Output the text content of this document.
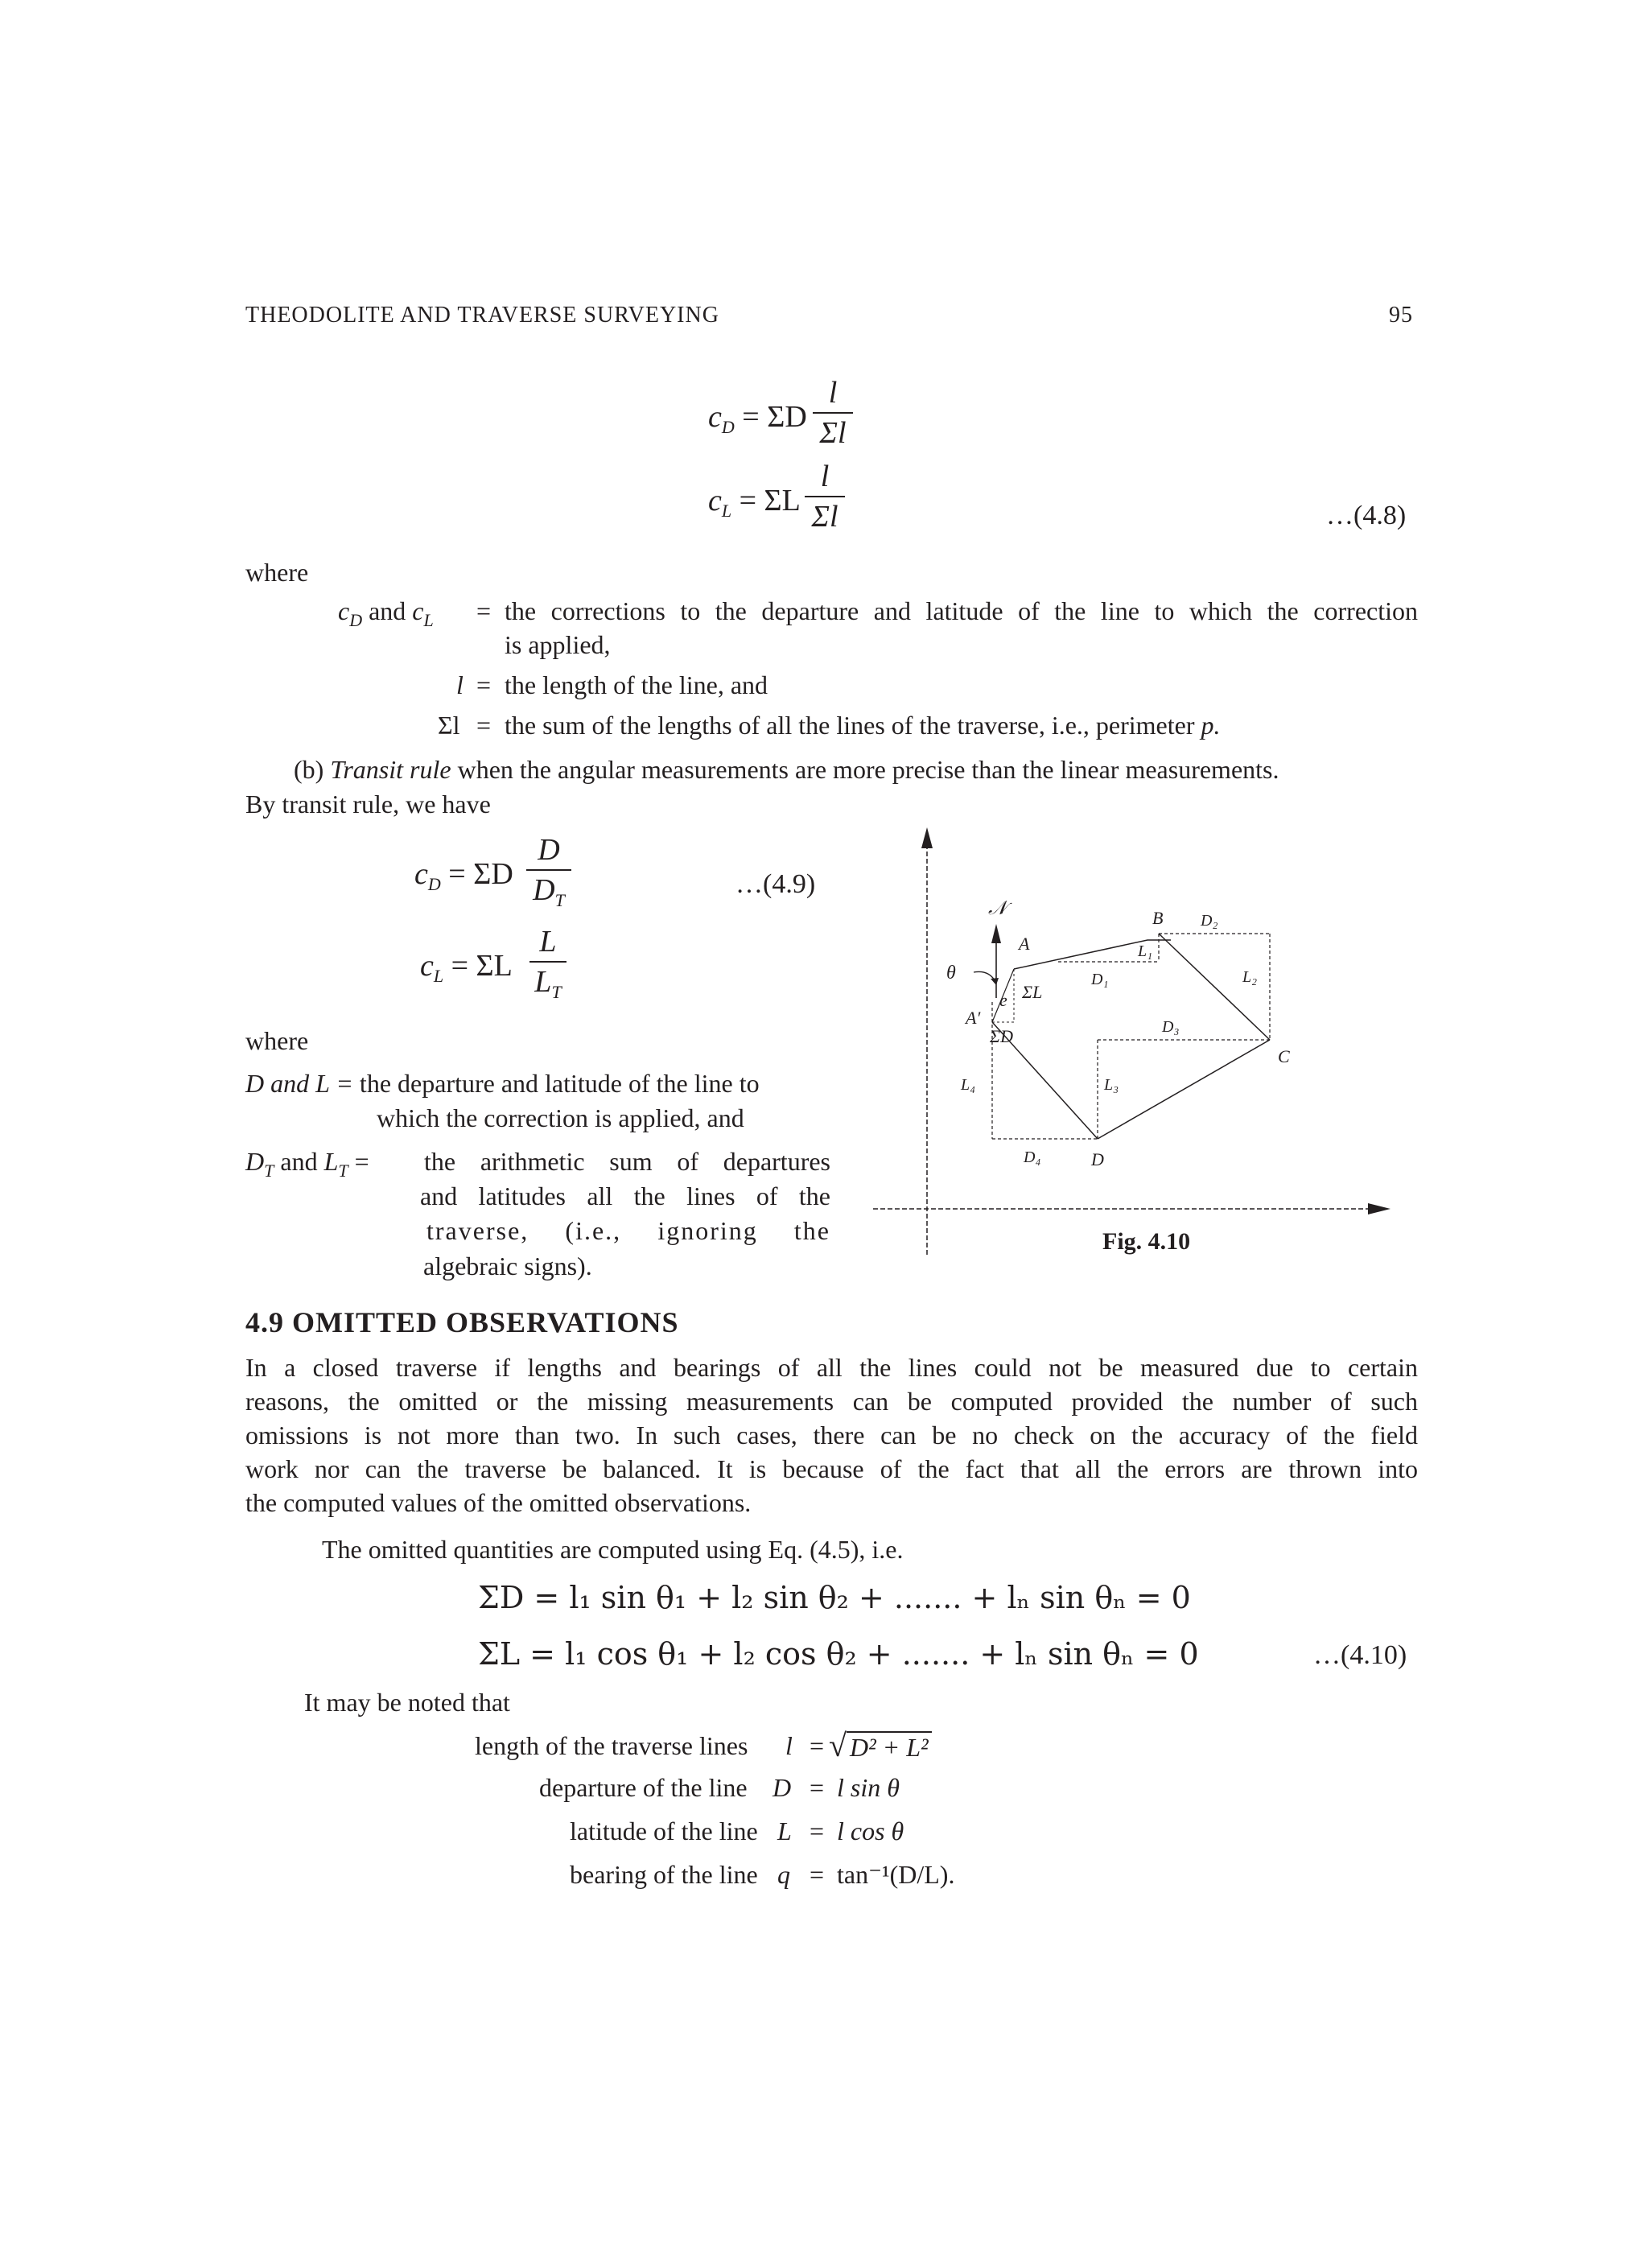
THEODOLITE AND TRAVERSE SURVEYING	95
$c_D = \Sigma D$
l
Σl
$c_L = \Sigma L$
l
Σl	…(4.8)
where
$c_D$ and $c_L$ = the corrections to the departure and latitude of the line to which the correction
is applied,
l = the length of the line, and
Σl = the sum of the lengths of all the lines of the traverse, i.e., perimeter p.
(b) Transit rule when the angular measurements are more precise than the linear measurements.
By transit rule, we have
$c_D = \Sigma D$
D
$D_T$
…(4.9)
$c_L = \Sigma L$
L
$L_T$
where
D and L = the departure and latitude of the line to
which the correction is applied, and
$D_T$ and $L_T$ = the arithmetic sum of departures
and latitudes all the lines of the
traverse, (i.e., ignoring the
algebraic signs).
𝒩
θ
A
A′
e ΣL
ΣD
B
C
D
D₁
D₂
D₃
D₄
L₁
L₂
L₃
L₄
Fig. 4.10
4.9 OMITTED OBSERVATIONS
In a closed traverse if lengths and bearings of all the lines could not be measured due to certain
reasons, the omitted or the missing measurements can be computed provided the number of such
omissions is not more than two. In such cases, there can be no check on the accuracy of the field
work nor can the traverse be balanced. It is because of the fact that all the errors are thrown into
the computed values of the omitted observations.
The omitted quantities are computed using Eq. (4.5), i.e.
ΣD = l₁ sin θ₁ + l₂ sin θ₂ + ....... + lₙ sin θₙ = 0
ΣL = l₁ cos θ₁ + l₂ cos θ₂ + ....... + lₙ sin θₙ = 0	…(4.10)
It may be noted that
length of the traverse lines l = √ D² + L²
departure of the line D = l sin θ
latitude of the line L = l cos θ
bearing of the line q = tan⁻¹(D/L).
